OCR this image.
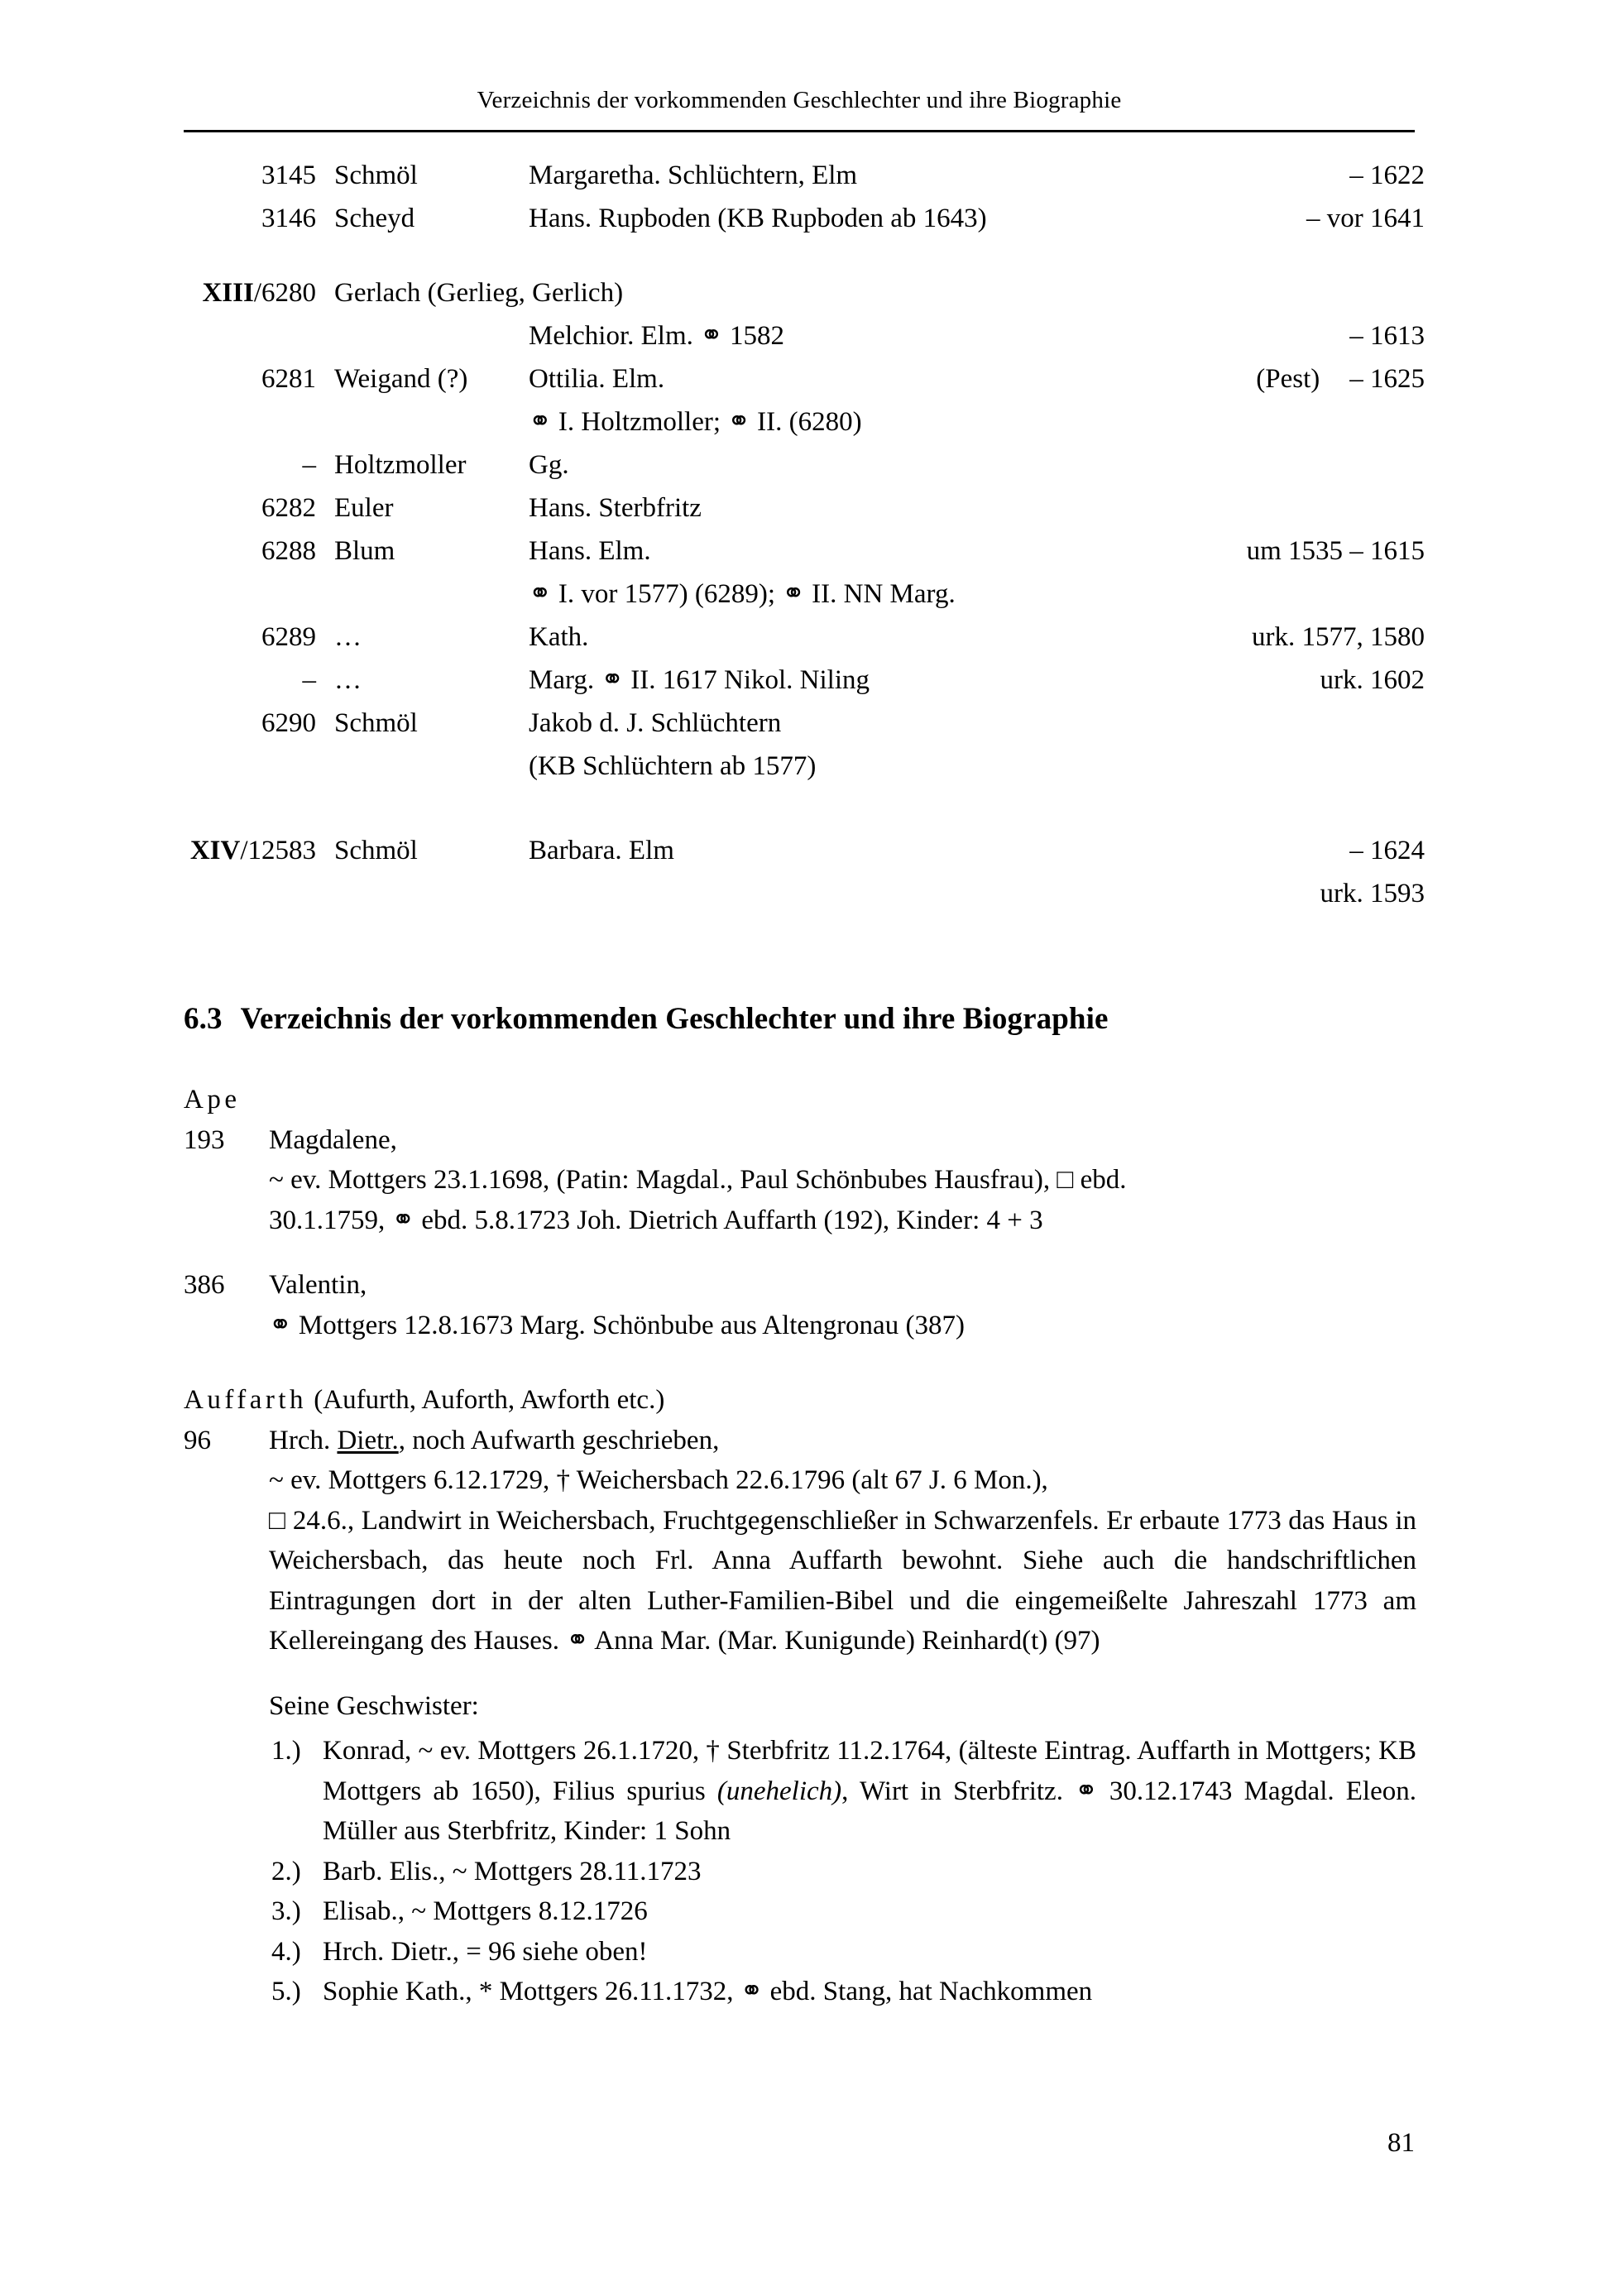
Verzeichnis der vorkommenden Geschlechter und ihre Biographie
3145 Schmöl	Margaretha. Schlüchtern, Elm	– 1622
3146 Scheyd	Hans. Rupboden (KB Rupboden ab 1643)	– vor 1641
XIII/6280 Gerlach (Gerlieg, Gerlich)
Melchior. Elm. ⚭ 1582	– 1613
6281 Weigand (?)	Ottilia. Elm.	(Pest)	– 1625
⚭ I. Holtzmoller; ⚭ II. (6280)
– Holtzmoller	Gg.
6282 Euler	Hans. Sterbfritz
6288 Blum	Hans. Elm.	um 1535 – 1615
⚭ I. vor 1577) (6289); ⚭ II. NN Marg.
6289 …	Kath.	urk. 1577, 1580
– …	Marg. ⚭ II. 1617 Nikol. Niling	urk. 1602
6290 Schmöl	Jakob d. J. Schlüchtern
(KB Schlüchtern ab 1577)
XIV/12583 Schmöl	Barbara. Elm	– 1624
urk. 1593
6.3 Verzeichnis der vorkommenden Geschlechter und ihre Biographie
Ape
193	Magdalene,
~ ev. Mottgers 23.1.1698, (Patin: Magdal., Paul Schönbubes Hausfrau), □ ebd.
30.1.1759, ⚭ ebd. 5.8.1723 Joh. Dietrich Auffarth (192), Kinder: 4 + 3
386	Valentin,
⚭ Mottgers 12.8.1673 Marg. Schönbube aus Altengronau (387)
Auffarth (Aufurth, Auforth, Awforth etc.)
96	Hrch. Dietr., noch Aufwarth geschrieben,
~ ev. Mottgers 6.12.1729, † Weichersbach 22.6.1796 (alt 67 J. 6 Mon.),
□ 24.6., Landwirt in Weichersbach, Fruchtgegenschließer in Schwarzenfels. Er erbaute 1773 das Haus in Weichersbach, das heute noch Frl. Anna Auffarth bewohnt. Siehe auch die handschriftlichen Eintragungen dort in der alten Luther-Familien-Bibel und die eingemeißelte Jahreszahl 1773 am Kellereingang des Hauses. ⚭ Anna Mar. (Mar. Kunigunde) Reinhard(t) (97)
Seine Geschwister:
1.) Konrad, ~ ev. Mottgers 26.1.1720, † Sterbfritz 11.2.1764, (älteste Eintrag. Auffarth in Mottgers; KB Mottgers ab 1650), Filius spurius (unehelich), Wirt in Sterbfritz. ⚭ 30.12.1743 Magdal. Eleon. Müller aus Sterbfritz, Kinder: 1 Sohn
2.) Barb. Elis., ~ Mottgers 28.11.1723
3.) Elisab., ~ Mottgers 8.12.1726
4.) Hrch. Dietr., = 96 siehe oben!
5.) Sophie Kath., * Mottgers 26.11.1732, ⚭ ebd. Stang, hat Nachkommen
81
